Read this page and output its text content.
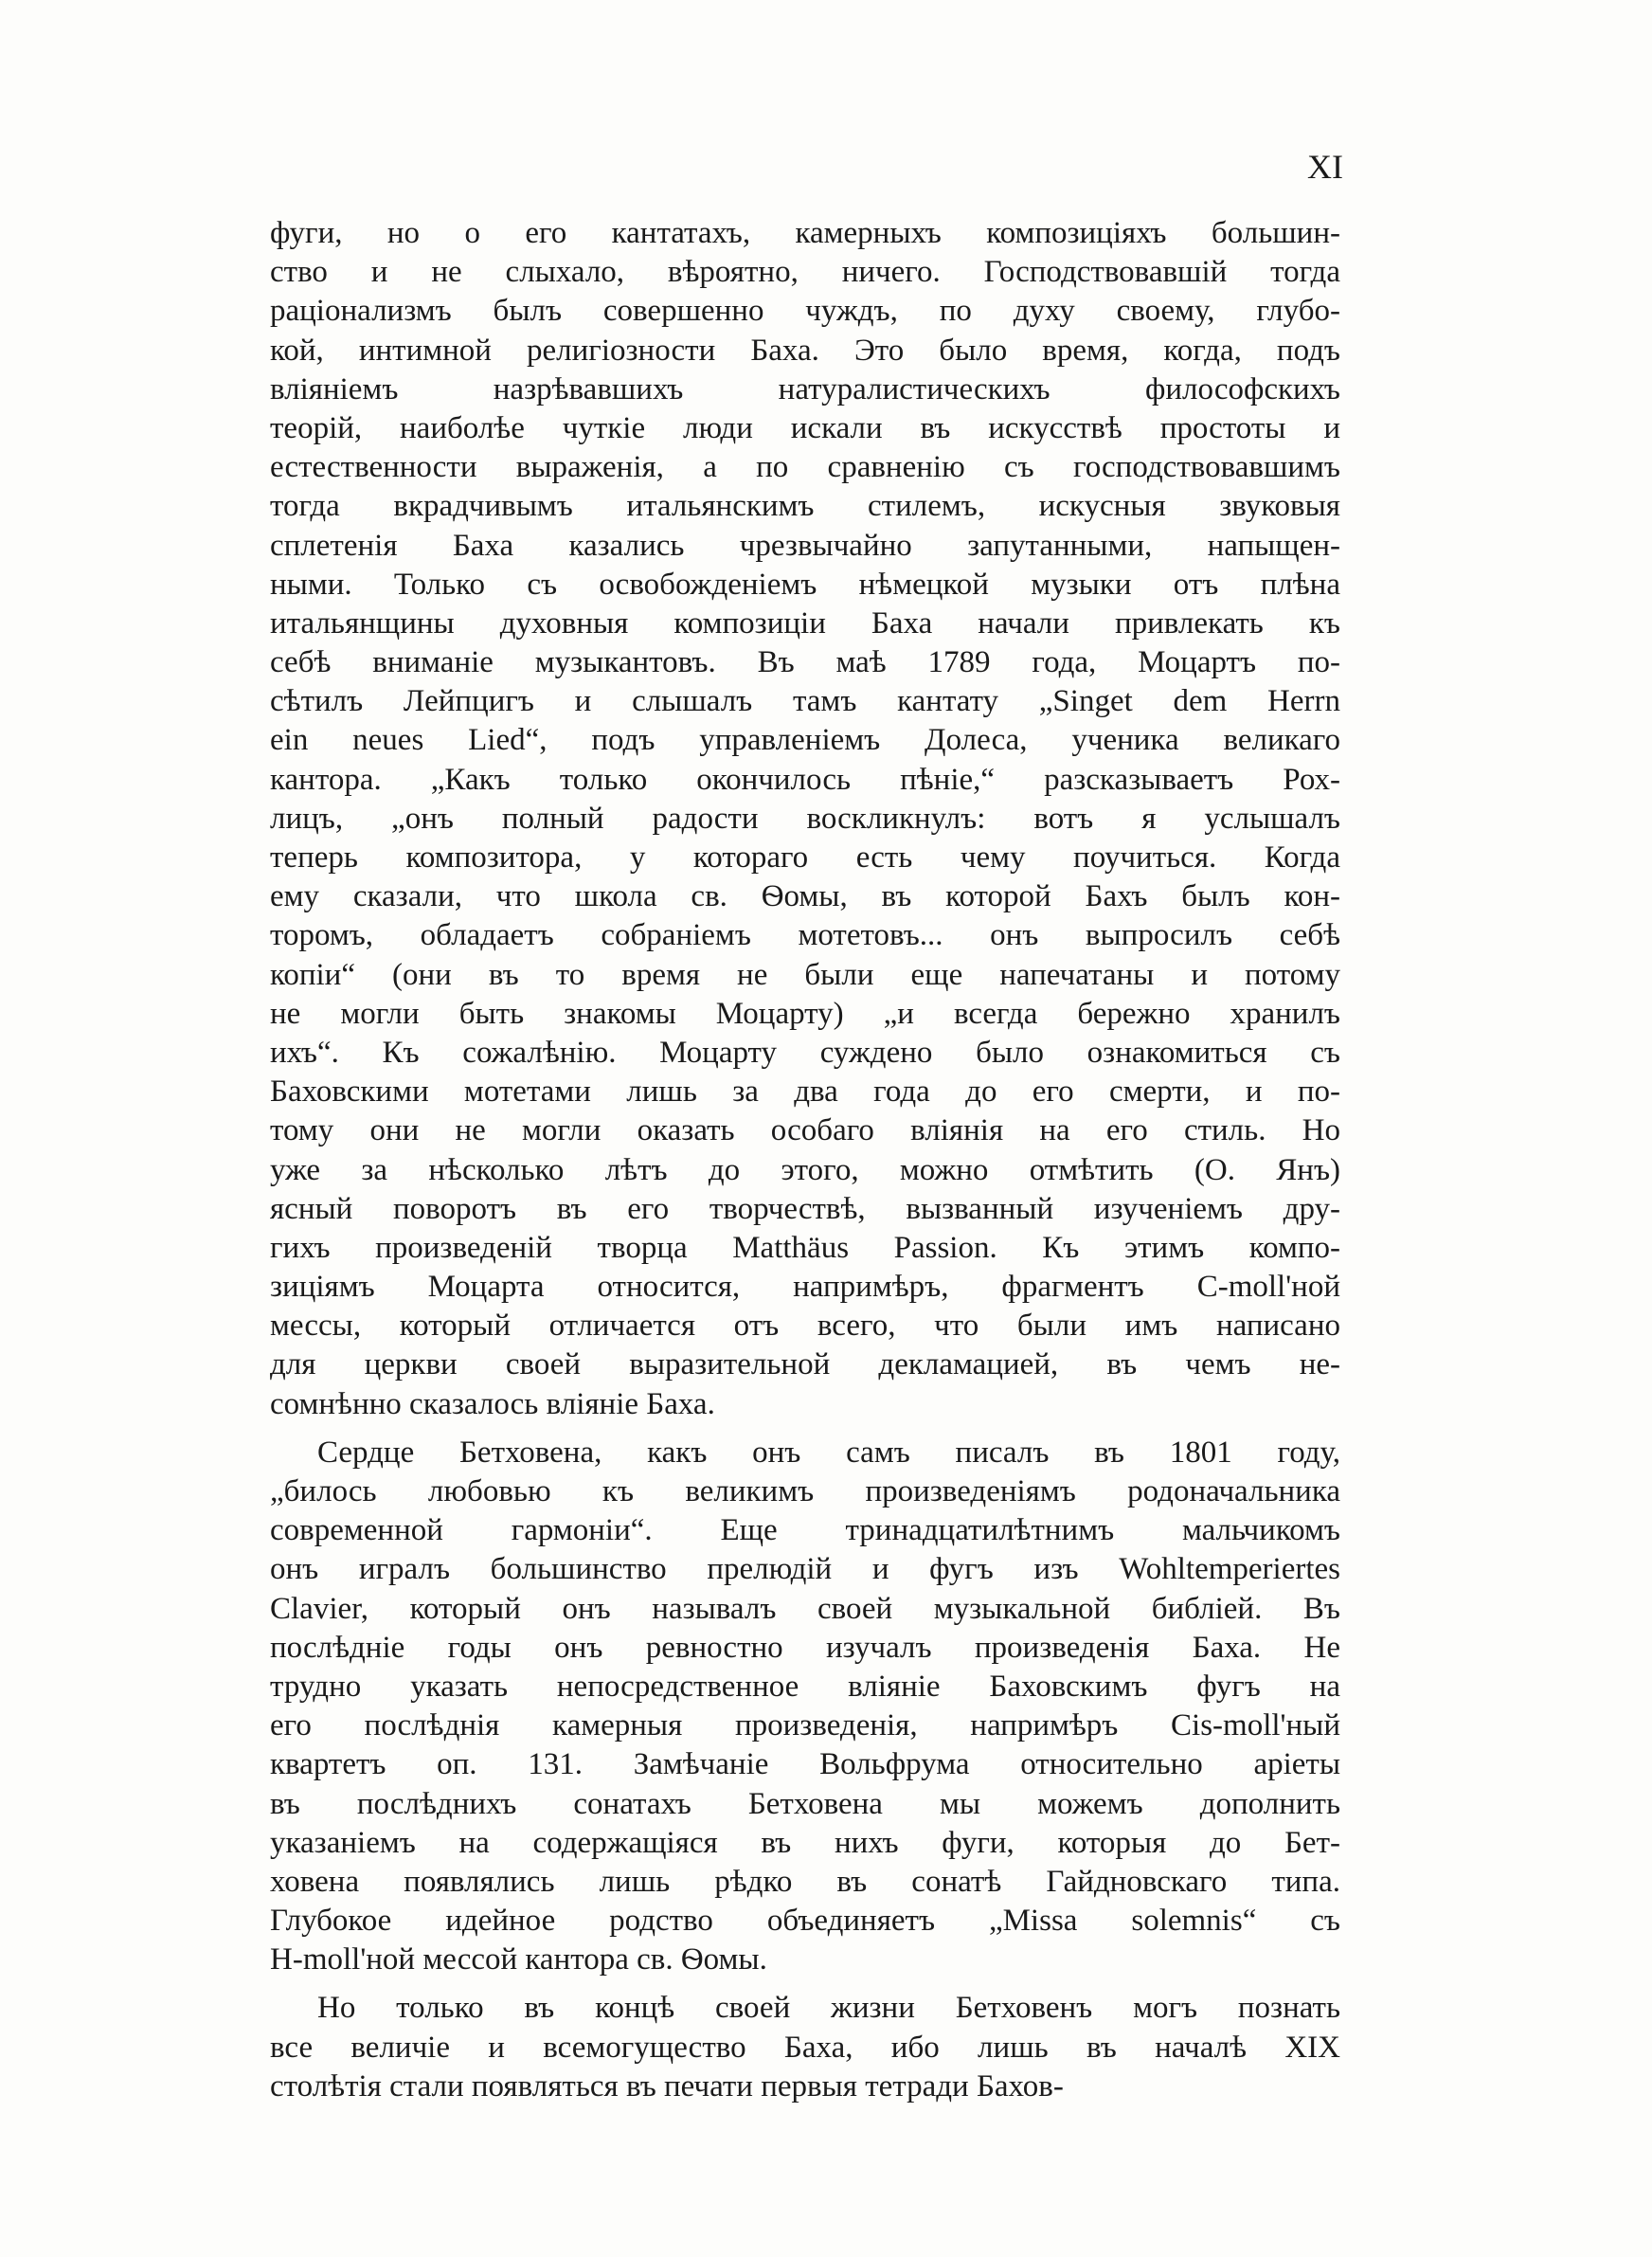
XI
фуги, но о его кантатахъ, камерныхъ композиціяхъ большин-
ство и не слыхало, вѣроятно, ничего. Господствовавшій тогда
раціонализмъ былъ совершенно чуждъ, по духу своему, глубо-
кой, интимной религіозности Баха. Это было время, когда, подъ
вліяніемъ назрѣвавшихъ натуралистическихъ философскихъ
теорій, наиболѣе чуткіе люди искали въ искусствѣ простоты и
естественности выраженія, а по сравненію съ господствовавшимъ
тогда вкрадчивымъ итальянскимъ стилемъ, искусныя звуковыя
сплетенія Баха казались чрезвычайно запутанными, напыщен-
ными. Только съ освобожденіемъ нѣмецкой музыки отъ плѣна
итальянщины духовныя композиціи Баха начали привлекать къ
себѣ вниманіе музыкантовъ. Въ маѣ 1789 года, Моцартъ по-
сѣтилъ Лейпцигъ и слышалъ тамъ кантату „Singet dem Herrn
ein neues Lied“, подъ управленіемъ Долеса, ученика великаго
кантора. „Какъ только окончилось пѣніе,“ разсказываетъ Рох-
лицъ, „онъ полный радости воскликнулъ: вотъ я услышалъ
теперь композитора, у котораго есть чему поучиться. Когда
ему сказали, что школа св. Ѳомы, въ которой Бахъ былъ кон-
торомъ, обладаетъ собраніемъ мотетовъ... онъ выпросилъ себѣ
копіи“ (они въ то время не были еще напечатаны и потому
не могли быть знакомы Моцарту) „и всегда бережно хранилъ
ихъ“. Къ сожалѣнію. Моцарту суждено было ознакомиться съ
Баховскими мотетами лишь за два года до его смерти, и по-
тому они не могли оказать особаго вліянія на его стиль. Но
уже за нѣсколько лѣтъ до этого, можно отмѣтить (О. Янъ)
ясный поворотъ въ его творчествѣ, вызванный изученіемъ дру-
гихъ произведеній творца Matthäus Passion. Къ этимъ компо-
зиціямъ Моцарта относится, напримѣръ, фрагментъ C-moll'ной
мессы, который отличается отъ всего, что были имъ написано
для церкви своей выразительной декламацией, въ чемъ не-
сомнѣнно сказалось вліяніе Баха.
Сердце Бетховена, какъ онъ самъ писалъ въ 1801 году,
„билось любовью къ великимъ произведеніямъ родоначальника
современной гармоніи“. Еще тринадцатилѣтнимъ мальчикомъ
онъ игралъ большинство прелюдій и фугъ изъ Wohltemperiertes
Clavier, который онъ называлъ своей музыкальной библіей. Въ
послѣдніе годы онъ ревностно изучалъ произведенія Баха. Не
трудно указать непосредственное вліяніе Баховскимъ фугъ на
его послѣднія камерныя произведенія, напримѣръ Cis-moll'ный
квартетъ оп. 131. Замѣчаніе Вольфрума относительно аріеты
въ послѣднихъ сонатахъ Бетховена мы можемъ дополнить
указаніемъ на содержащіяся въ нихъ фуги, которыя до Бет-
ховена появлялись лишь рѣдко въ сонатѣ Гайдновскаго типа.
Глубокое идейное родство объединяетъ „Missa solemnis“ съ
H-moll'ной мессой кантора св. Ѳомы.
Но только въ концѣ своей жизни Бетховенъ могъ познать
все величіе и всемогущество Баха, ибо лишь въ началѣ XIX
столѣтія стали появляться въ печати первыя тетради Бахов-
